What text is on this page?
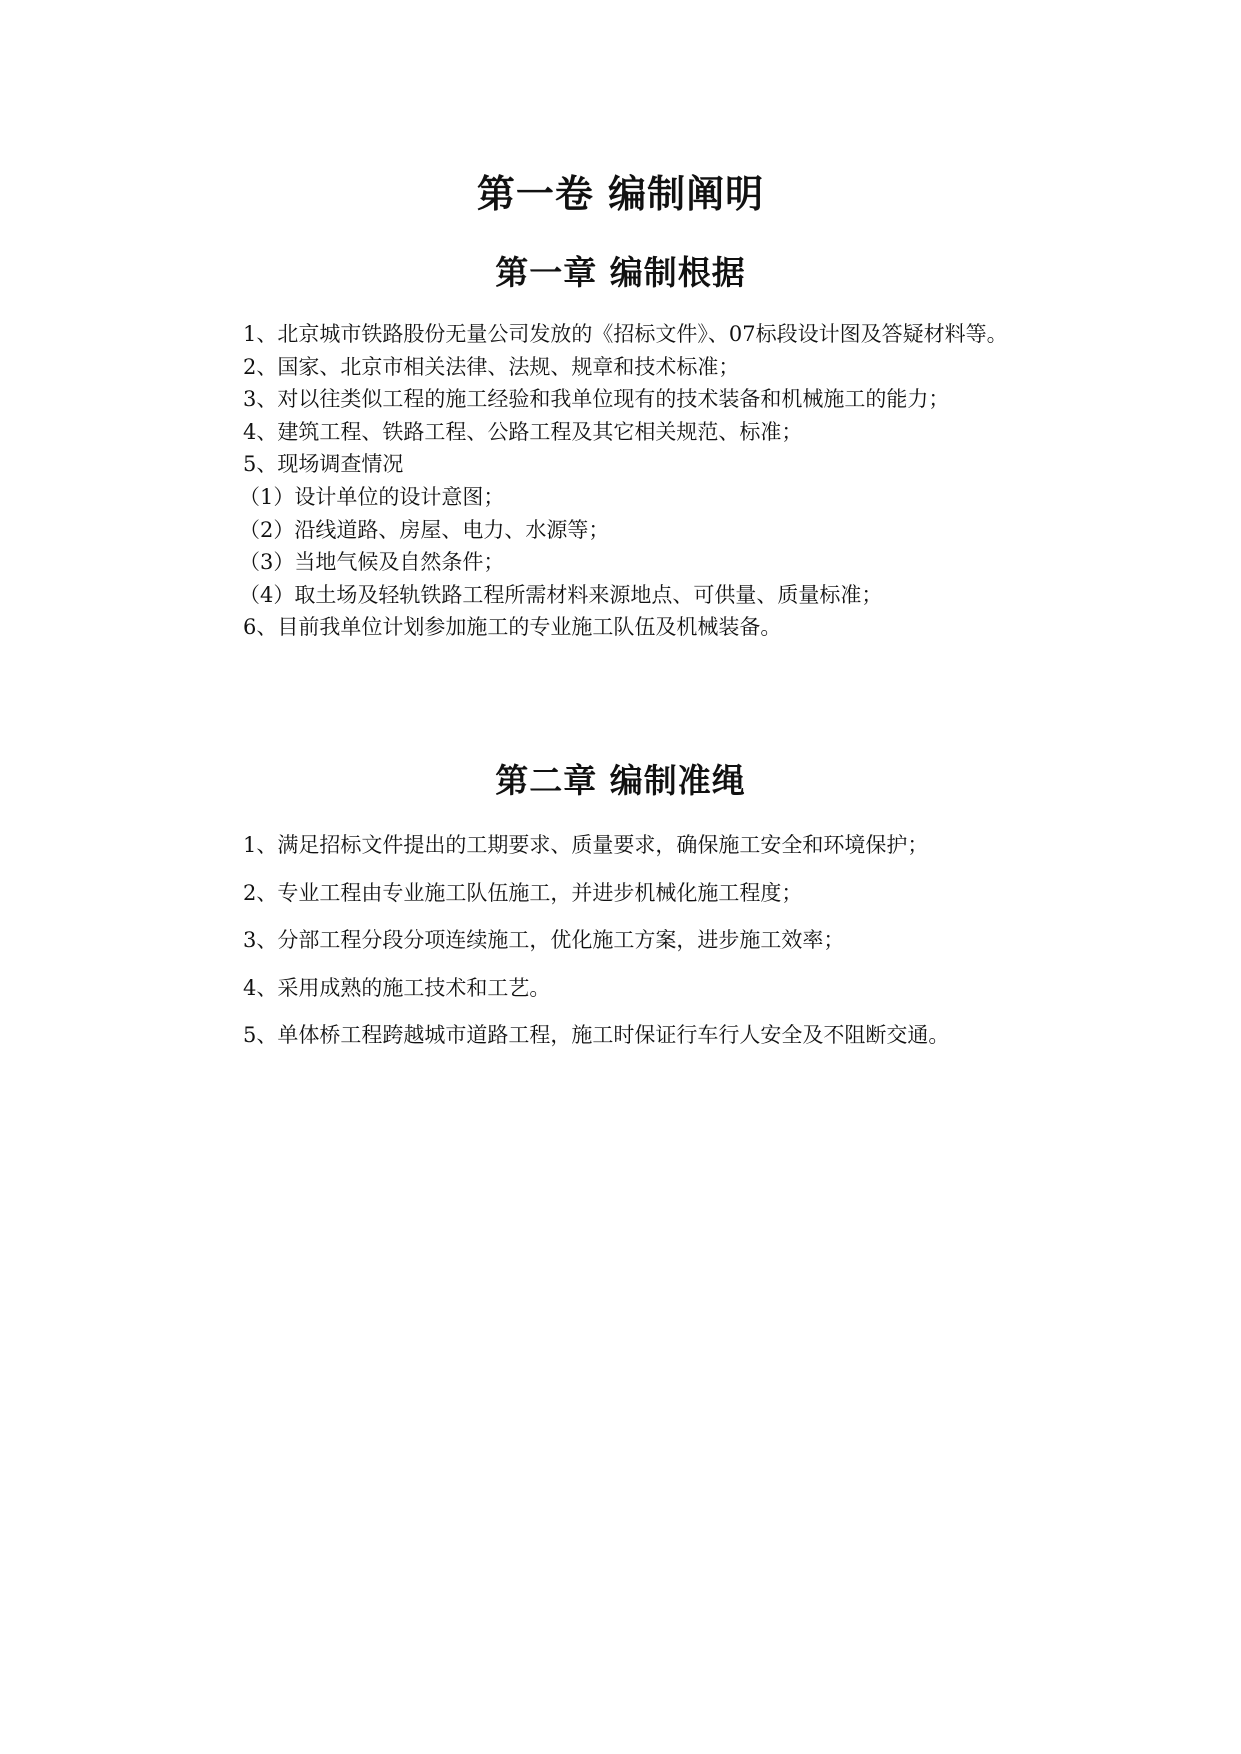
第一卷 编制阐明
第一章 编制根据
1、北京城市铁路股份无量公司发放的《招标文件》、07标段设计图及答疑材料等。
2、国家、北京市相关法律、法规、规章和技术标准；
3、对以往类似工程的施工经验和我单位现有的技术装备和机械施工的能力；
4、建筑工程、铁路工程、公路工程及其它相关规范、标准；
5、现场调查情况
（1）设计单位的设计意图；
（2）沿线道路、房屋、电力、水源等；
（3）当地气候及自然条件；
（4）取土场及轻轨铁路工程所需材料来源地点、可供量、质量标准；
6、目前我单位计划参加施工的专业施工队伍及机械装备。
第二章 编制准绳
1、满足招标文件提出的工期要求、质量要求，确保施工安全和环境保护；
2、专业工程由专业施工队伍施工，并进步机械化施工程度；
3、分部工程分段分项连续施工，优化施工方案，进步施工效率；
4、采用成熟的施工技术和工艺。
5、单体桥工程跨越城市道路工程，施工时保证行车行人安全及不阻断交通。
